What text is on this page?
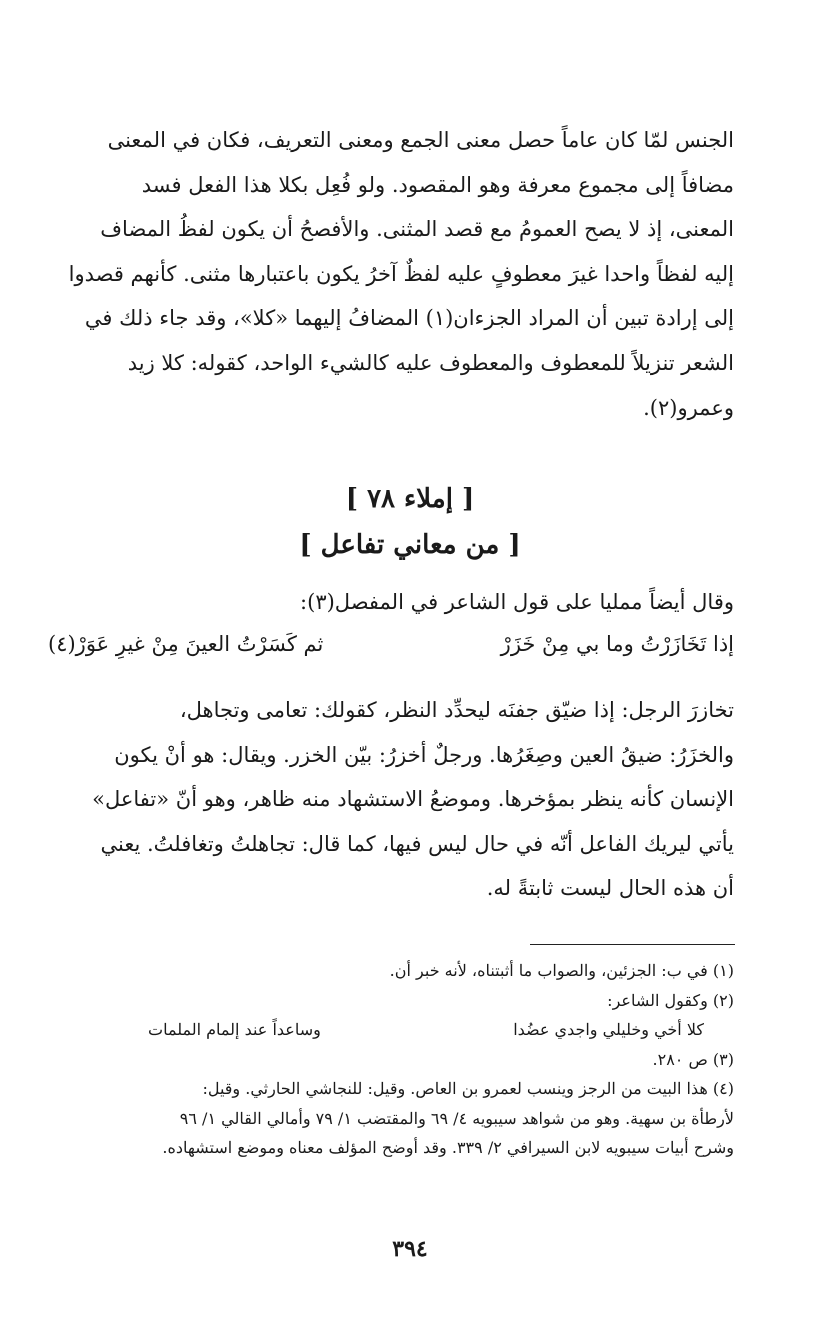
الجنس لمّا كان عاماً حصل معنى الجمع ومعنى التعريف، فكان في المعنى
مضافاً إلى مجموع معرفة وهو المقصود. ولو فُعِل بكلا هذا الفعل فسد
المعنى، إذ لا يصح العمومُ مع قصد المثنى. والأفصحُ أن يكون لفظُ المضاف
إليه لفظاً واحدا غيرَ معطوفٍ عليه لفظٌ آخرُ يكون باعتبارها مثنى. كأنهم قصدوا
إلى إرادة تبين أن المراد الجزءان(١) المضافُ إليهما «كلا»، وقد جاء ذلك في
الشعر تنزيلاً للمعطوف والمعطوف عليه كالشيء الواحد، كقوله: كلا زيد
وعمرو(٢).

[ إملاء ٧٨ ]

[ من معاني تفاعل ]

وقال أيضاً ممليا على قول الشاعر في المفصل(٣):
إذا تَخَازَرْتُ وما بي مِنْ خَزَرْ
ثم كَسَرْتُ العينَ مِنْ غيرِ عَوَرْ(٤)
تخازرَ الرجل: إذا ضيّق جفنَه ليحدِّد النظر، كقولك: تعامى وتجاهل،
والخزَرُ: ضيقُ العين وصِغَرُها. ورجلٌ أخزرُ: بيّن الخزر. ويقال: هو أنْ يكون
الإنسان كأنه ينظر بمؤخرها. وموضعُ الاستشهاد منه ظاهر، وهو أنّ «تفاعل»
يأتي ليريك الفاعل أنّه في حال ليس فيها، كما قال: تجاهلتُ وتغافلتُ. يعني
أن هذه الحال ليست ثابتةً له.
(١) في ب: الجزئين، والصواب ما أثبتناه، لأنه خبر أن.
(٢) وكقول الشاعر:
كلا أخي وخليلي واجدي عضُدا
وساعداً عند إلمام الملمات
(٣) ص ٢٨٠.
(٤) هذا البيت من الرجز وينسب لعمرو بن العاص. وقيل: للنجاشي الحارثي. وقيل:
لأرطأة بن سهية. وهو من شواهد سيبويه ٤/ ٦٩ والمقتضب ١/ ٧٩ وأمالي القالي ١/ ٩٦
وشرح أبيات سيبويه لابن السيرافي ٢/ ٣٣٩. وقد أوضح المؤلف معناه وموضع استشهاده.
٣٩٤
